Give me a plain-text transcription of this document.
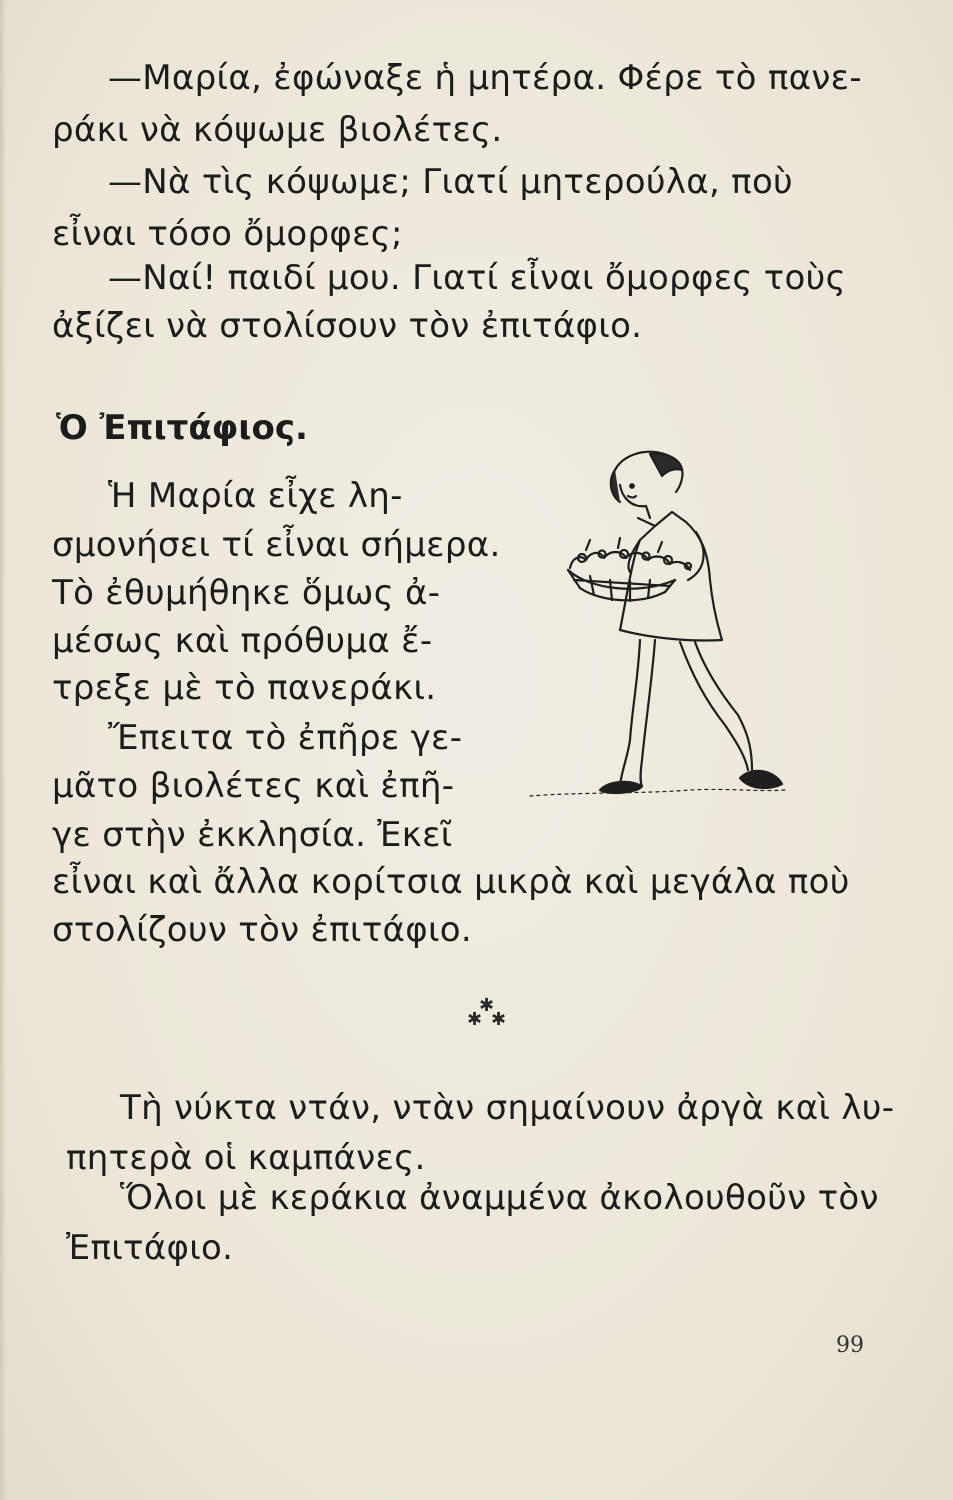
—Μαρία, ἐφώναξε ἡ μητέρα. Φέρε τὸ πανε-
ράκι νὰ κόψωμε βιολέτες.
—Νὰ τὶς κόψωμε; Γιατί μητερούλα, ποὺ
εἶναι τόσο ὄμορφες;
—Ναί! παιδί μου. Γιατί εἶναι ὄμορφες τοὺς
ἀξίζει νὰ στολίσουν τὸν ἐπιτάφιο.
Ὁ Ἐπιτάφιος.
Ἡ Μαρία εἶχε λη-
σμονήσει τί εἶναι σήμερα.
Τὸ ἐθυμήθηκε ὅμως ἀ-
μέσως καὶ πρόθυμα ἔ-
τρεξε μὲ τὸ πανεράκι.
Ἔπειτα τὸ ἐπῆρε γε-
μᾶτο βιολέτες καὶ ἐπῆ-
γε στὴν ἐκκλησία. Ἐκεῖ
εἶναι καὶ ἄλλα κορίτσια μικρὰ καὶ μεγάλα ποὺ
στολίζουν τὸν ἐπιτάφιο.
✱
✱ ✱
Τὴ νύκτα ντάν, ντὰν σημαίνουν ἀργὰ καὶ λυ-
πητερὰ οἱ καμπάνες.
Ὅλοι μὲ κεράκια ἀναμμένα ἀκολουθοῦν τὸν
Ἐπιτάφιο.
99
